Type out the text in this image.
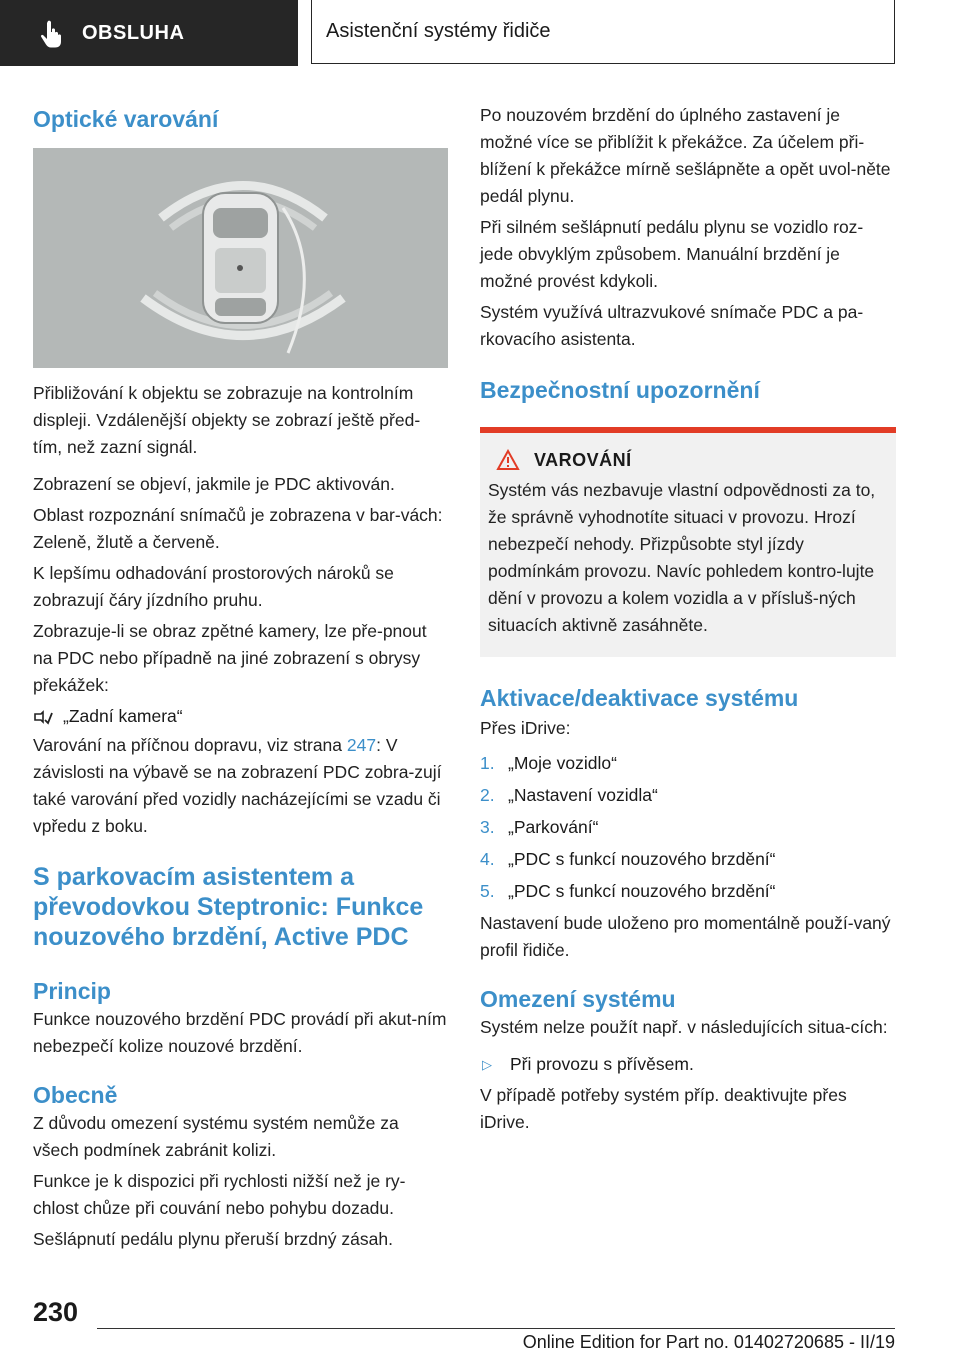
OBSLUHA	Asistenční systémy řidiče
Optické varování

Přibližování k objektu se zobrazuje na kontrolním displeji. Vzdálenější objekty se zobrazí ještě před-tím, než zazní signál.

Zobrazení se objeví, jakmile je PDC aktivován.

Oblast rozpoznání snímačů je zobrazena v bar-vách: Zeleně, žlutě a červeně.

K lepšímu odhadování prostorových nároků se zobrazují čáry jízdního pruhu.

Zobrazuje-li se obraz zpětné kamery, lze pře-pnout na PDC nebo případně na jiné zobrazení s obrysy překážek:

„Zadní kamera“

Varování na příčnou dopravu, viz strana 247: V závislosti na výbavě se na zobrazení PDC zobra-zují také varování před vozidly nacházejícími se vzadu či vpředu z boku.

S parkovacím asistentem a převodovkou Steptronic: Funkce nouzového brzdění, Active PDC
Princip

Funkce nouzového brzdění PDC provádí při akut-ním nebezpečí kolize nouzové brzdění.

Obecně

Z důvodu omezení systému systém nemůže za všech podmínek zabránit kolizi.

Funkce je k dispozici při rychlosti nižší než je ry-chlost chůze při couvání nebo pohybu dozadu.

Sešlápnutí pedálu plynu přeruší brzdný zásah.

Po nouzovém brzdění do úplného zastavení je možné více se přiblížit k překážce. Za účelem při-blížení k překážce mírně sešlápněte a opět uvol-něte pedál plynu.

Při silném sešlápnutí pedálu plynu se vozidlo roz-jede obvyklým způsobem. Manuální brzdění je možné provést kdykoli.

Systém využívá ultrazvukové snímače PDC a pa-rkovacího asistenta.

Bezpečnostní upozornění
VAROVÁNÍ

Systém vás nezbavuje vlastní odpovědnosti za to, že správně vyhodnotíte situaci v provozu. Hrozí nebezpečí nehody. Přizpůsobte styl jízdy podmínkám provozu. Navíc pohledem kontro-lujte dění v provozu a kolem vozidla a v přísluš-ných situacích aktivně zasáhněte.

Aktivace/deaktivace systému

Přes iDrive:

1. „Moje vozidlo“
2. „Nastavení vozidla“
3. „Parkování“
4. „PDC s funkcí nouzového brzdění“
5. „PDC s funkcí nouzového brzdění“

Nastavení bude uloženo pro momentálně použí-vaný profil řidiče.

Omezení systému

Systém nelze použít např. v následujících situa-cích:

▷	Při provozu s přívěsem.

V případě potřeby systém příp. deaktivujte přes iDrive.

230
Online Edition for Part no. 01402720685 - II/19
